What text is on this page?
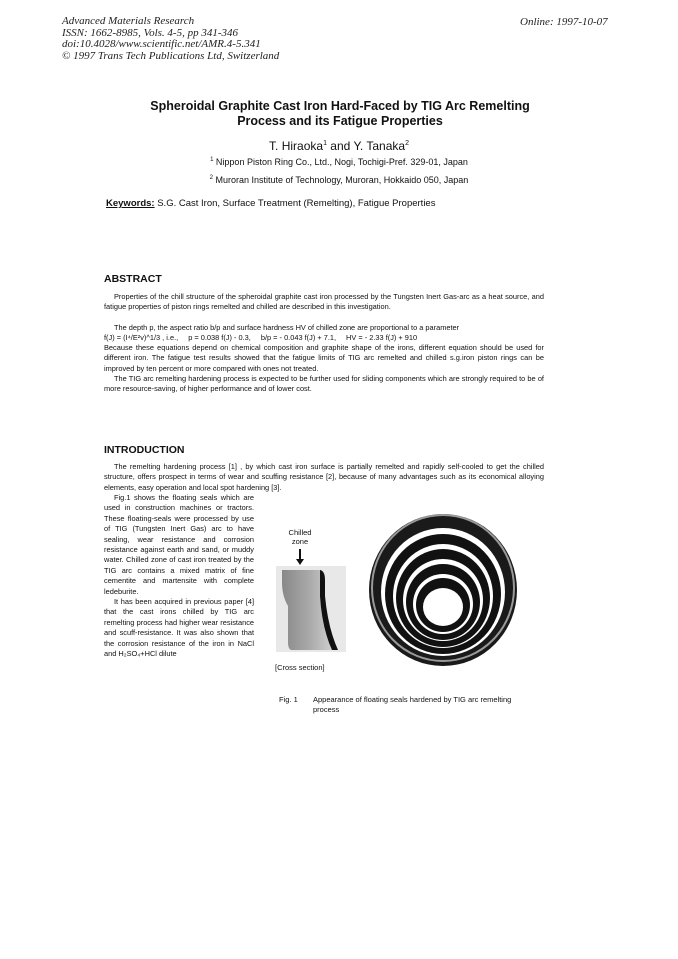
Advanced Materials Research
ISSN: 1662-8985, Vols. 4-5, pp 341-346
doi:10.4028/www.scientific.net/AMR.4-5.341
© 1997 Trans Tech Publications Ltd, Switzerland
Online: 1997-10-07
Spheroidal Graphite Cast Iron Hard-Faced by TIG Arc Remelting
Process and its Fatigue Properties
T. Hiraoka$^1$ and Y. Tanaka$^2$
$^1$ Nippon Piston Ring Co., Ltd., Nogi, Tochigi-Pref. 329-01, Japan
$^2$ Muroran Institute of Technology, Muroran, Hokkaido 050, Japan
Keywords: S.G. Cast Iron, Surface Treatment (Remelting), Fatigue Properties
ABSTRACT
Properties of the chill structure of the spheroidal graphite cast iron processed by the Tungsten Inert Gas-arc as a heat source, and fatigue properties of piston rings remelted and chilled are described in this investigation.
The depth p, the aspect ratio b/p and surface hardness HV of chilled zone are proportional to a parameter
f(J) = (I⁴/E²v)^1/3 , i.e., p = 0.038 f(J) - 0.3, b/p = - 0.043 f(J) + 7.1, HV = - 2.33 f(J) + 910
Because these equations depend on chemical composition and graphite shape of the irons, different equation should be used for different iron. The fatigue test results showed that the fatigue limits of TIG arc remelted and chilled s.g.iron piston rings can be improved by ten percent or more compared with ones not treated.
The TIG arc remelting hardening process is expected to be further used for sliding components which are strongly required to be of more resource-saving, of higher performance and of lower cost.
INTRODUCTION
The remelting hardening process [1] , by which cast iron surface is partially remelted and rapidly self-cooled to get the chilled structure, offers prospect in terms of wear and scuffing resistance [2], because of many advantages such as its economical alloying elements, easy operation and local spot hardening [3].

Fig.1 shows the floating seals which are used in construction machines or tractors. These floating-seals were processed by use of TIG (Tungsten Inert Gas) arc to have sealing, wear resistance and corrosion resistance against earth and sand, or muddy water. Chilled zone of cast iron treated by the TIG arc contains a mixed matrix of fine cementite and martensite with complete ledeburite.

It has been acquired in previous paper [4] that the cast irons chilled by TIG arc remelting process had higher wear resistance and scuff-resistance. It was also shown that the corrosion resistance of the iron in NaCl and H₂SO₄+HCl dilute

Chilled
zone
[Cross section]
Fig. 1 Appearance of floating seals hardened by TIG arc remelting process
